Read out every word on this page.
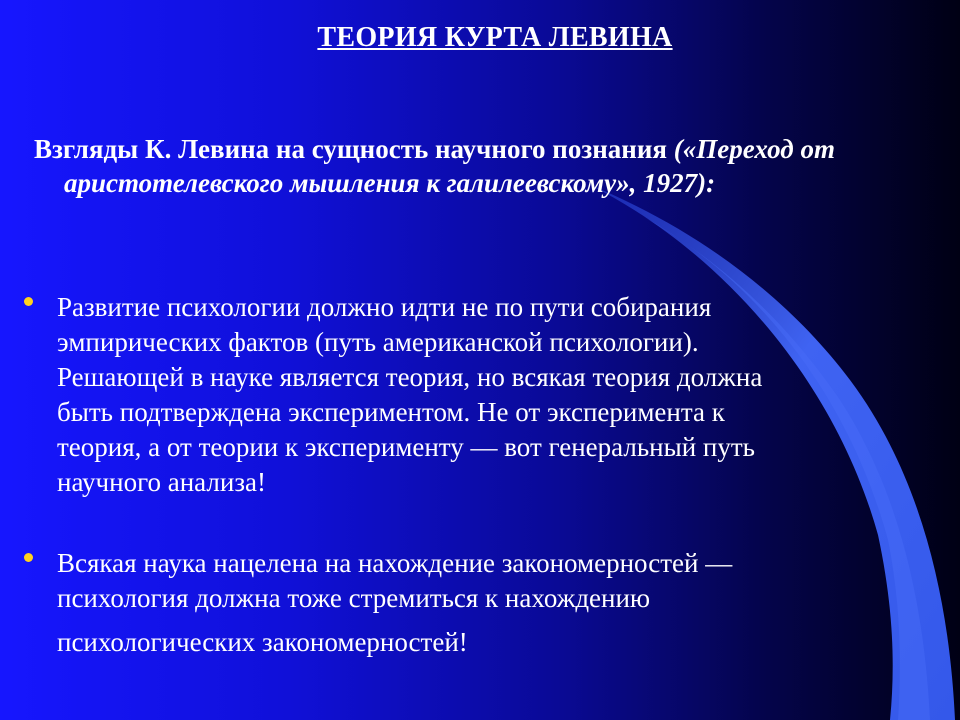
ТЕОРИЯ КУРТА ЛЕВИНА
Взгляды К. Левина на сущность научного познания («Переход от аристотелевского мышления к галилеевскому», 1927):
Развитие психологии должно идти не по пути собирания
эмпирических фактов (путь американской психологии).
Решающей в науке является теория, но всякая теория должна
быть подтверждена экспериментом. Не от эксперимента к
теория, а от теории к эксперименту — вот генеральный путь
научного анализа!
Всякая наука нацелена на нахождение закономерностей —
психология должна тоже стремиться к нахождению
психологических закономерностей!
